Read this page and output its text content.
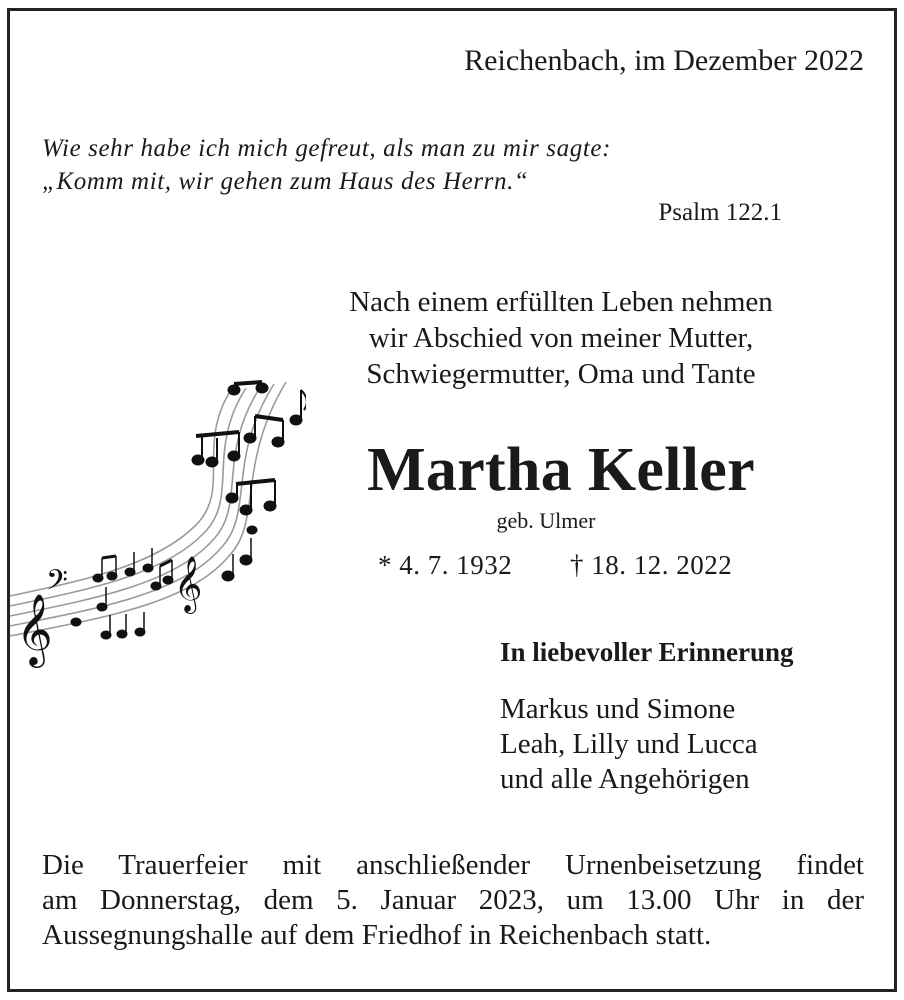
Reichenbach, im Dezember 2022
Wie sehr habe ich mich gefreut, als man zu mir sagte:
„Komm mit, wir gehen zum Haus des Herrn.“
Psalm 122.1
Nach einem erfüllten Leben nehmen
wir Abschied von meiner Mutter,
Schwiegermutter, Oma und Tante
𝄞
𝄢 𝄞
Martha Keller
geb. Ulmer
* 4. 7. 1932 † 18. 12. 2022
In liebevoller Erinnerung
Markus und Simone
Leah, Lilly und Lucca
und alle Angehörigen
Die Trauerfeier mit anschließender Urnenbeisetzung findet
am Donnerstag, dem 5. Januar 2023, um 13.00 Uhr in der
Aussegnungshalle auf dem Friedhof in Reichenbach statt.
